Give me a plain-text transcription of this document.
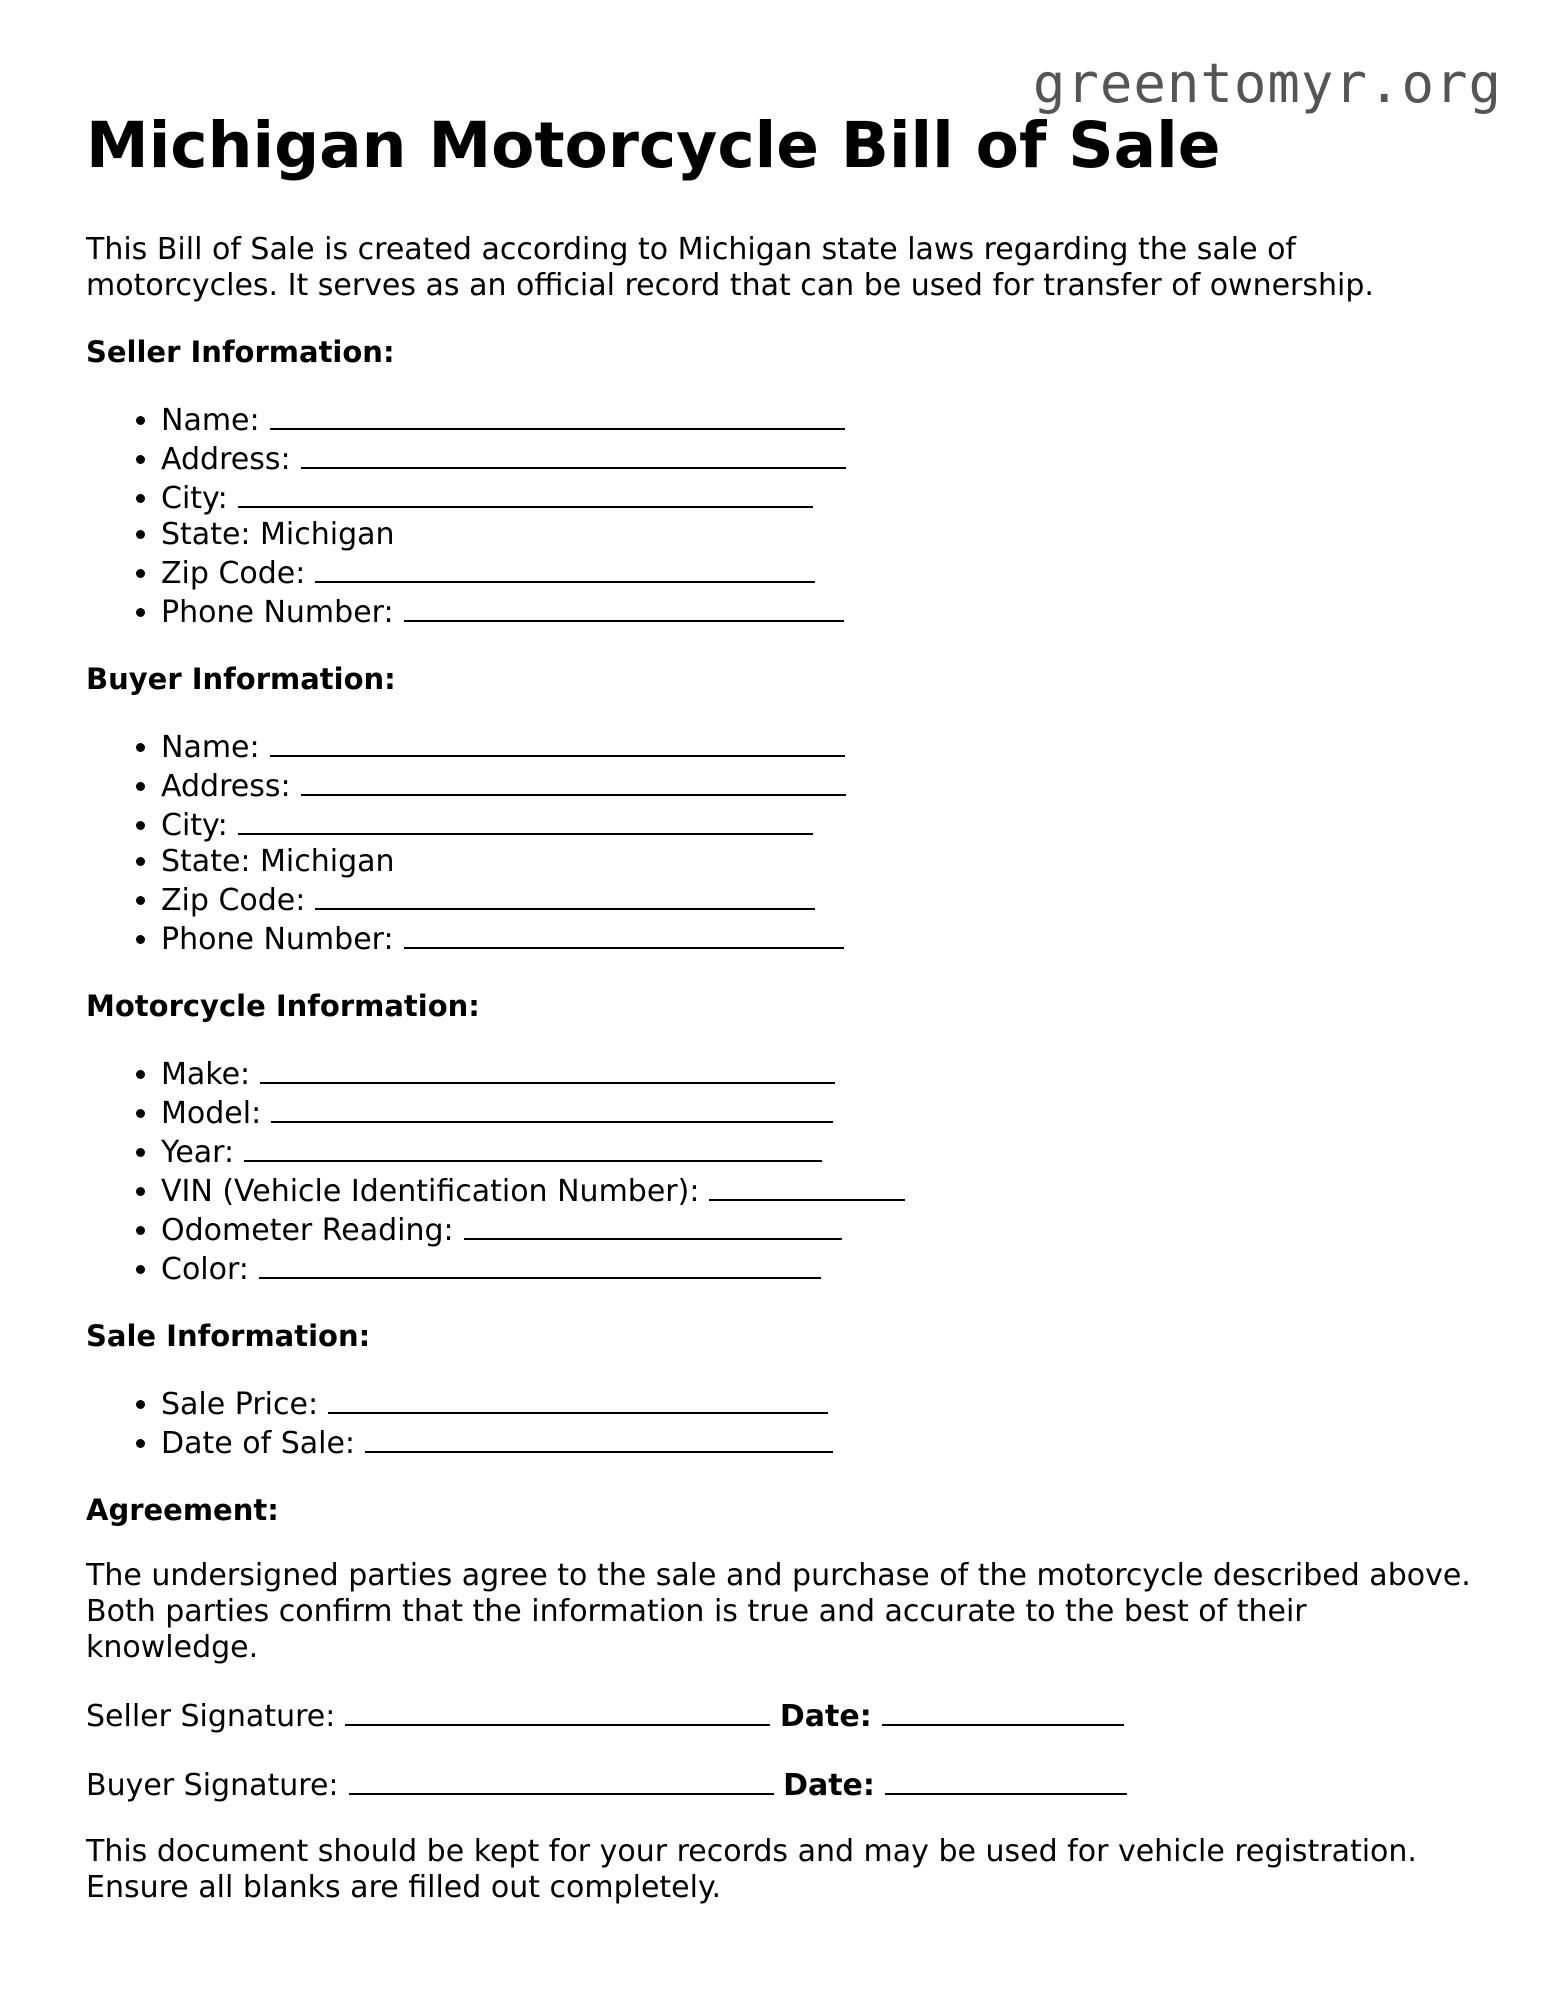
greentomyr.org
Michigan Motorcycle Bill of Sale

This Bill of Sale is created according to Michigan state laws regarding the sale of motorcycles. It serves as an official record that can be used for transfer of ownership.

Seller Information:
• Name:
• Address:
• City:
• State: Michigan
• Zip Code:
• Phone Number:
Buyer Information:
• Name:
• Address:
• City:
• State: Michigan
• Zip Code:
• Phone Number:
Motorcycle Information:
• Make:
• Model:
• Year:
• VIN (Vehicle Identification Number):
• Odometer Reading:
• Color:
Sale Information:
• Sale Price:
• Date of Sale:
Agreement:

The undersigned parties agree to the sale and purchase of the motorcycle described above. Both parties confirm that the information is true and accurate to the best of their knowledge.

Seller Signature:	Date:

Buyer Signature:	Date:

This document should be kept for your records and may be used for vehicle registration. Ensure all blanks are filled out completely.
